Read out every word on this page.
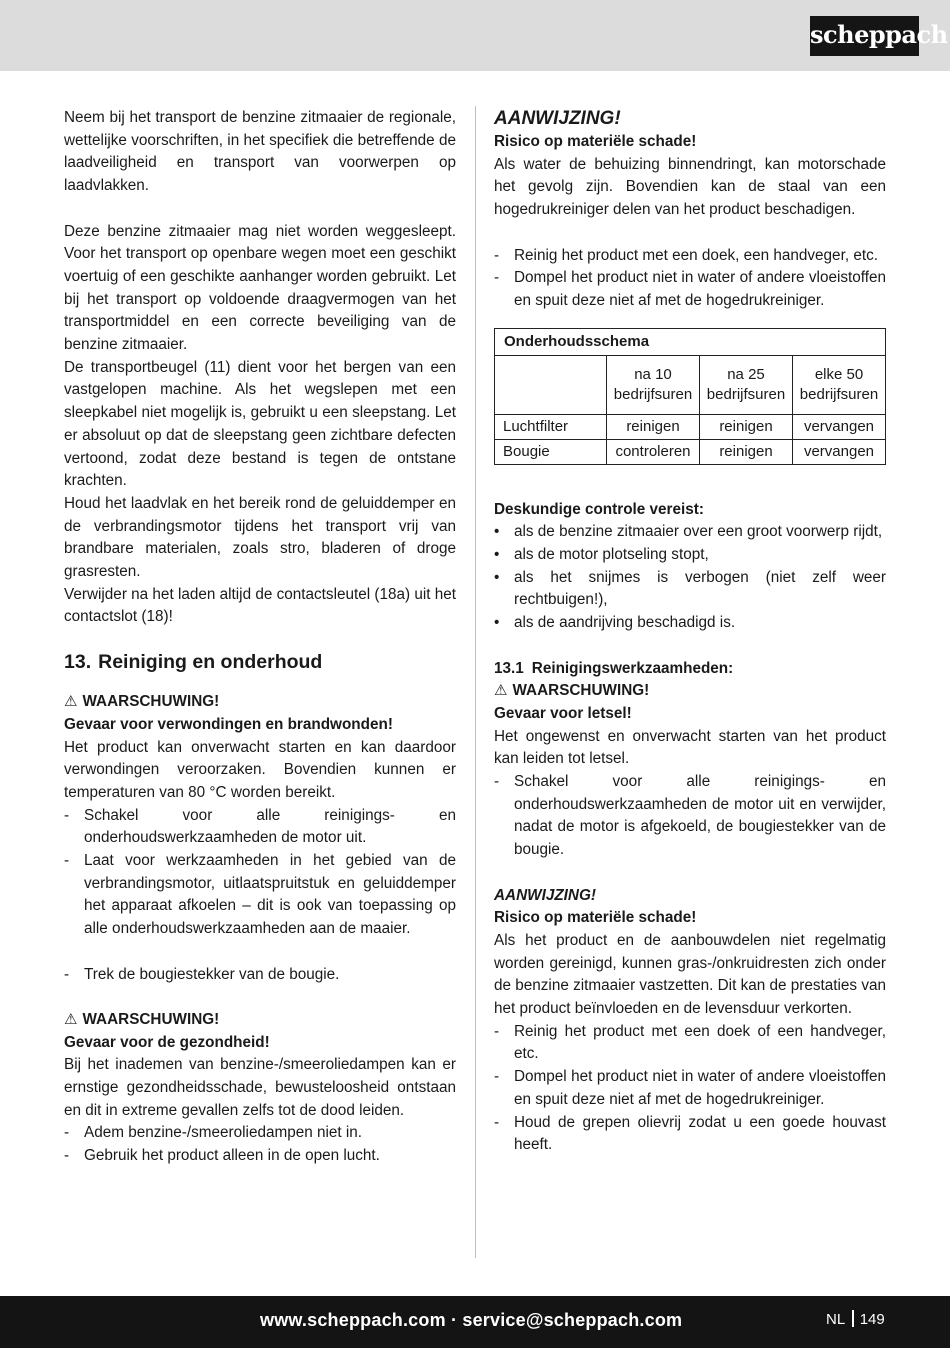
scheppach

Neem bij het transport de benzine zitmaaier de regionale, wettelijke voorschriften, in het specifiek die betreffende de laadveiligheid en transport van voorwerpen op laadvlakken.

Deze benzine zitmaaier mag niet worden weggesleept. Voor het transport op openbare wegen moet een geschikt voertuig of een geschikte aanhanger worden gebruikt. Let bij het transport op voldoende draagvermogen van het transportmiddel en een correcte beveiliging van de benzine zitmaaier.

De transportbeugel (11) dient voor het bergen van een vastgelopen machine. Als het wegslepen met een sleepkabel niet mogelijk is, gebruikt u een sleepstang. Let er absoluut op dat de sleepstang geen zichtbare defecten vertoond, zodat deze bestand is tegen de ontstane krachten.

Houd het laadvlak en het bereik rond de geluiddemper en de verbrandingsmotor tijdens het transport vrij van brandbare materialen, zoals stro, bladeren of droge grasresten.

Verwijder na het laden altijd de contactsleutel (18a) uit het contactslot (18)!

13. Reiniging en onderhoud

⚠ WAARSCHUWING!

Gevaar voor verwondingen en brandwonden!

Het product kan onverwacht starten en kan daardoor verwondingen veroorzaken. Bovendien kunnen er temperaturen van 80 °C worden bereikt.

- Schakel voor alle reinigings- en onderhoudswerkzaamheden de motor uit.
- Laat voor werkzaamheden in het gebied van de verbrandingsmotor, uitlaatspruitstuk en geluiddemper het apparaat afkoelen – dit is ook van toepassing op alle onderhoudswerkzaamheden aan de maaier.
- Trek de bougiestekker van de bougie.

⚠ WAARSCHUWING!

Gevaar voor de gezondheid!

Bij het inademen van benzine-/smeeroliedampen kan er ernstige gezondheidsschade, bewusteloosheid ontstaan en dit in extreme gevallen zelfs tot de dood leiden.

- Adem benzine-/smeeroliedampen niet in.
- Gebruik het product alleen in de open lucht.
AANWIJZING!

Risico op materiële schade!

Als water de behuizing binnendringt, kan motorschade het gevolg zijn. Bovendien kan de staal van een hogedrukreiniger delen van het product beschadigen.

- Reinig het product met een doek, een handveger, etc.
- Dompel het product niet in water of andere vloeistoffen en spuit deze niet af met de hogedrukreiniger.
Onderhoudsschema			
	na 10 bedrijfsuren	na 25 bedrijfsuren	elke 50 bedrijfsuren
Luchtfilter	reinigen	reinigen	vervangen
Bougie	controleren	reinigen	vervangen

Deskundige controle vereist:

• als de benzine zitmaaier over een groot voorwerp rijdt,
• als de motor plotseling stopt,
• als het snijmes is verbogen (niet zelf weer rechtbuigen!),
• als de aandrijving beschadigd is.

13.1 Reinigingswerkzaamheden:

⚠ WAARSCHUWING!

Gevaar voor letsel!

Het ongewenst en onverwacht starten van het product kan leiden tot letsel.

- Schakel voor alle reinigings- en onderhoudswerkzaamheden de motor uit en verwijder, nadat de motor is afgekoeld, de bougiestekker van de bougie.

AANWIJZING!

Risico op materiële schade!

Als het product en de aanbouwdelen niet regelmatig worden gereinigd, kunnen gras-/onkruidresten zich onder de benzine zitmaaier vastzetten. Dit kan de prestaties van het product beïnvloeden en de levensduur verkorten.

- Reinig het product met een doek of een handveger, etc.
- Dompel het product niet in water of andere vloeistoffen en spuit deze niet af met de hogedrukreiniger.
- Houd de grepen olievrij zodat u een goede houvast heeft.
www.scheppach.com · service@scheppach.com	NL 149
